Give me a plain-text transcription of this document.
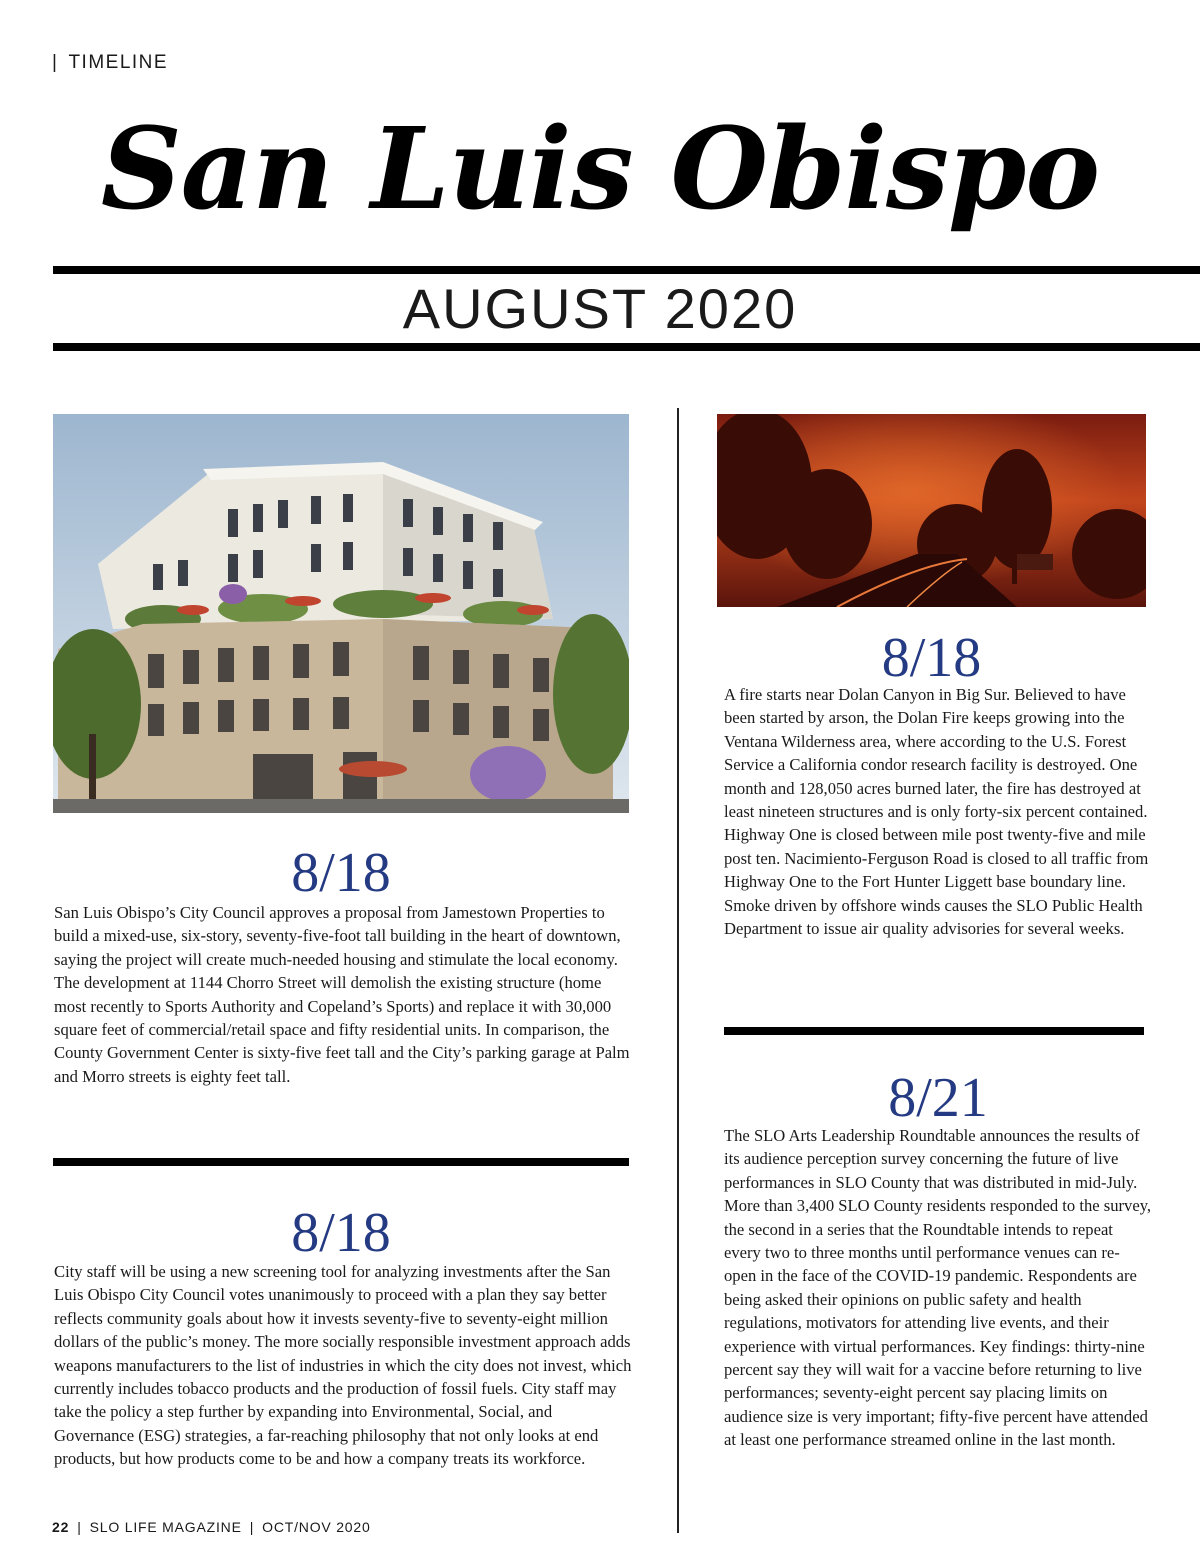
| TIMELINE
San Luis Obispo
AUGUST 2020
8/18

San Luis Obispo’s City Council approves a proposal from Jamestown Properties to build a mixed-use, six-story, seventy-five-foot tall building in the heart of downtown, saying the project will create much-needed housing and stimulate the local economy. The development at 1144 Chorro Street will demolish the existing structure (home most recently to Sports Authority and Copeland’s Sports) and replace it with 30,000 square feet of commercial/retail space and fifty residential units. In comparison, the County Government Center is sixty-five feet tall and the City’s parking garage at Palm and Morro streets is eighty feet tall.

8/18

City staff will be using a new screening tool for analyzing investments after the San Luis Obispo City Council votes unanimously to proceed with a plan they say better reflects community goals about how it invests seventy-five to seventy-eight million dollars of the public’s money. The more socially responsible investment approach adds weapons manufacturers to the list of industries in which the city does not invest, which currently includes tobacco products and the production of fossil fuels. City staff may take the policy a step further by expanding into Environmental, Social, and Governance (ESG) strategies, a far-reaching philosophy that not only looks at end products, but how products come to be and how a company treats its workforce.

8/18

A fire starts near Dolan Canyon in Big Sur. Believed to have been started by arson, the Dolan Fire keeps growing into the Ventana Wilderness area, where according to the U.S. Forest Service a California condor research facility is destroyed. One month and 128,050 acres burned later, the fire has destroyed at least nineteen structures and is only forty-six percent contained. Highway One is closed between mile post twenty-five and mile post ten. Nacimiento-Ferguson Road is closed to all traffic from Highway One to the Fort Hunter Liggett base boundary line. Smoke driven by offshore winds causes the SLO Public Health Department to issue air quality advisories for several weeks.

8/21

The SLO Arts Leadership Roundtable announces the results of its audience perception survey concerning the future of live performances in SLO County that was distributed in mid-July. More than 3,400 SLO County residents responded to the survey, the second in a series that the Roundtable intends to repeat every two to three months until performance venues can re-open in the face of the COVID-19 pandemic. Respondents are being asked their opinions on public safety and health regulations, motivators for attending live events, and their experience with virtual performances. Key findings: thirty-nine percent say they will wait for a vaccine before returning to live performances; seventy-eight percent say placing limits on audience size is very important; fifty-five percent have attended at least one performance streamed online in the last month.

22 | SLO LIFE MAGAZINE | OCT/NOV 2020
